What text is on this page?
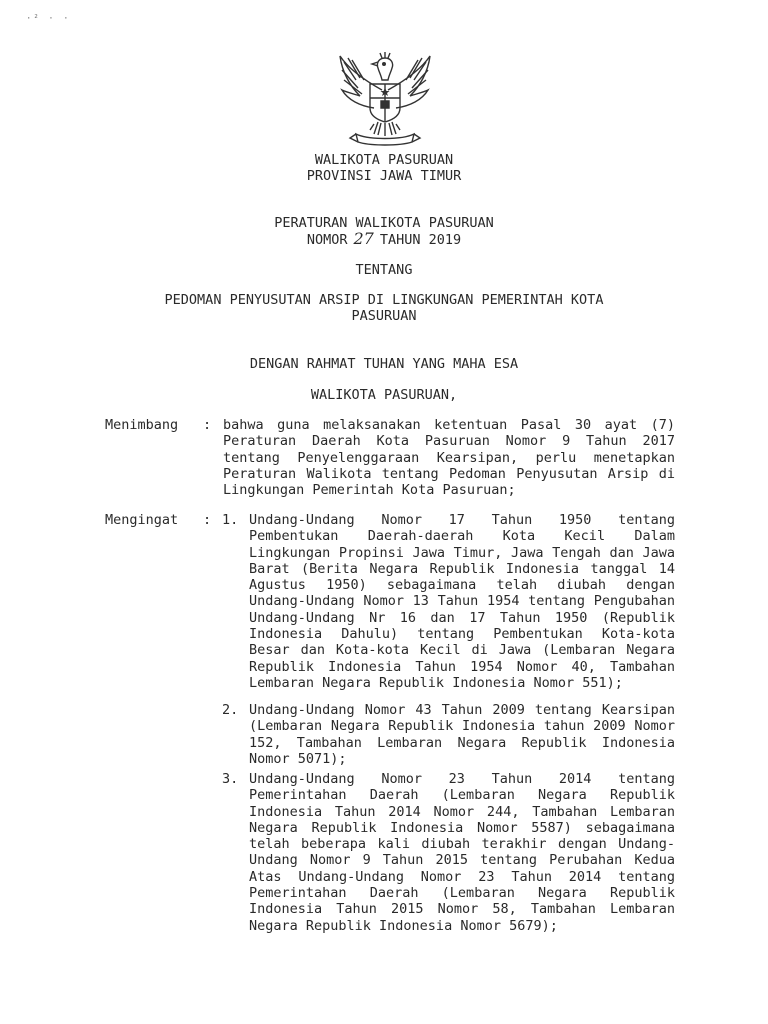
·² · ·
WALIKOTA PASURUAN
PROVINSI JAWA TIMUR
PERATURAN WALIKOTA PASURUAN
NOMOR 27 TAHUN 2019
TENTANG
PEDOMAN PENYUSUTAN ARSIP DI LINGKUNGAN PEMERINTAH KOTA
PASURUAN
DENGAN RAHMAT TUHAN YANG MAHA ESA
WALIKOTA PASURUAN,
Menimbang : bahwa guna melaksanakan ketentuan Pasal 30 ayat (7) Peraturan Daerah Kota Pasuruan Nomor 9 Tahun 2017 tentang Penyelenggaraan Kearsipan, perlu menetapkan Peraturan Walikota tentang Pedoman Penyusutan Arsip di Lingkungan Pemerintah Kota Pasuruan;

Mengingat : 1. Undang-Undang Nomor 17 Tahun 1950 tentang Pembentukan Daerah-daerah Kota Kecil Dalam Lingkungan Propinsi Jawa Timur, Jawa Tengah dan Jawa Barat (Berita Negara Republik Indonesia tanggal 14 Agustus 1950) sebagaimana telah diubah dengan Undang-Undang Nomor 13 Tahun 1954 tentang Pengubahan Undang-Undang Nr 16 dan 17 Tahun 1950 (Republik Indonesia Dahulu) tentang Pembentukan Kota-kota Besar dan Kota-kota Kecil di Jawa (Lembaran Negara Republik Indonesia Tahun 1954 Nomor 40, Tambahan Lembaran Negara Republik Indonesia Nomor 551);

2. Undang-Undang Nomor 43 Tahun 2009 tentang Kearsipan (Lembaran Negara Republik Indonesia tahun 2009 Nomor 152, Tambahan Lembaran Negara Republik Indonesia Nomor 5071);

3. Undang-Undang Nomor 23 Tahun 2014 tentang Pemerintahan Daerah (Lembaran Negara Republik Indonesia Tahun 2014 Nomor 244, Tambahan Lembaran Negara Republik Indonesia Nomor 5587) sebagaimana telah beberapa kali diubah terakhir dengan Undang-Undang Nomor 9 Tahun 2015 tentang Perubahan Kedua Atas Undang-Undang Nomor 23 Tahun 2014 tentang Pemerintahan Daerah (Lembaran Negara Republik Indonesia Tahun 2015 Nomor 58, Tambahan Lembaran Negara Republik Indonesia Nomor 5679);
